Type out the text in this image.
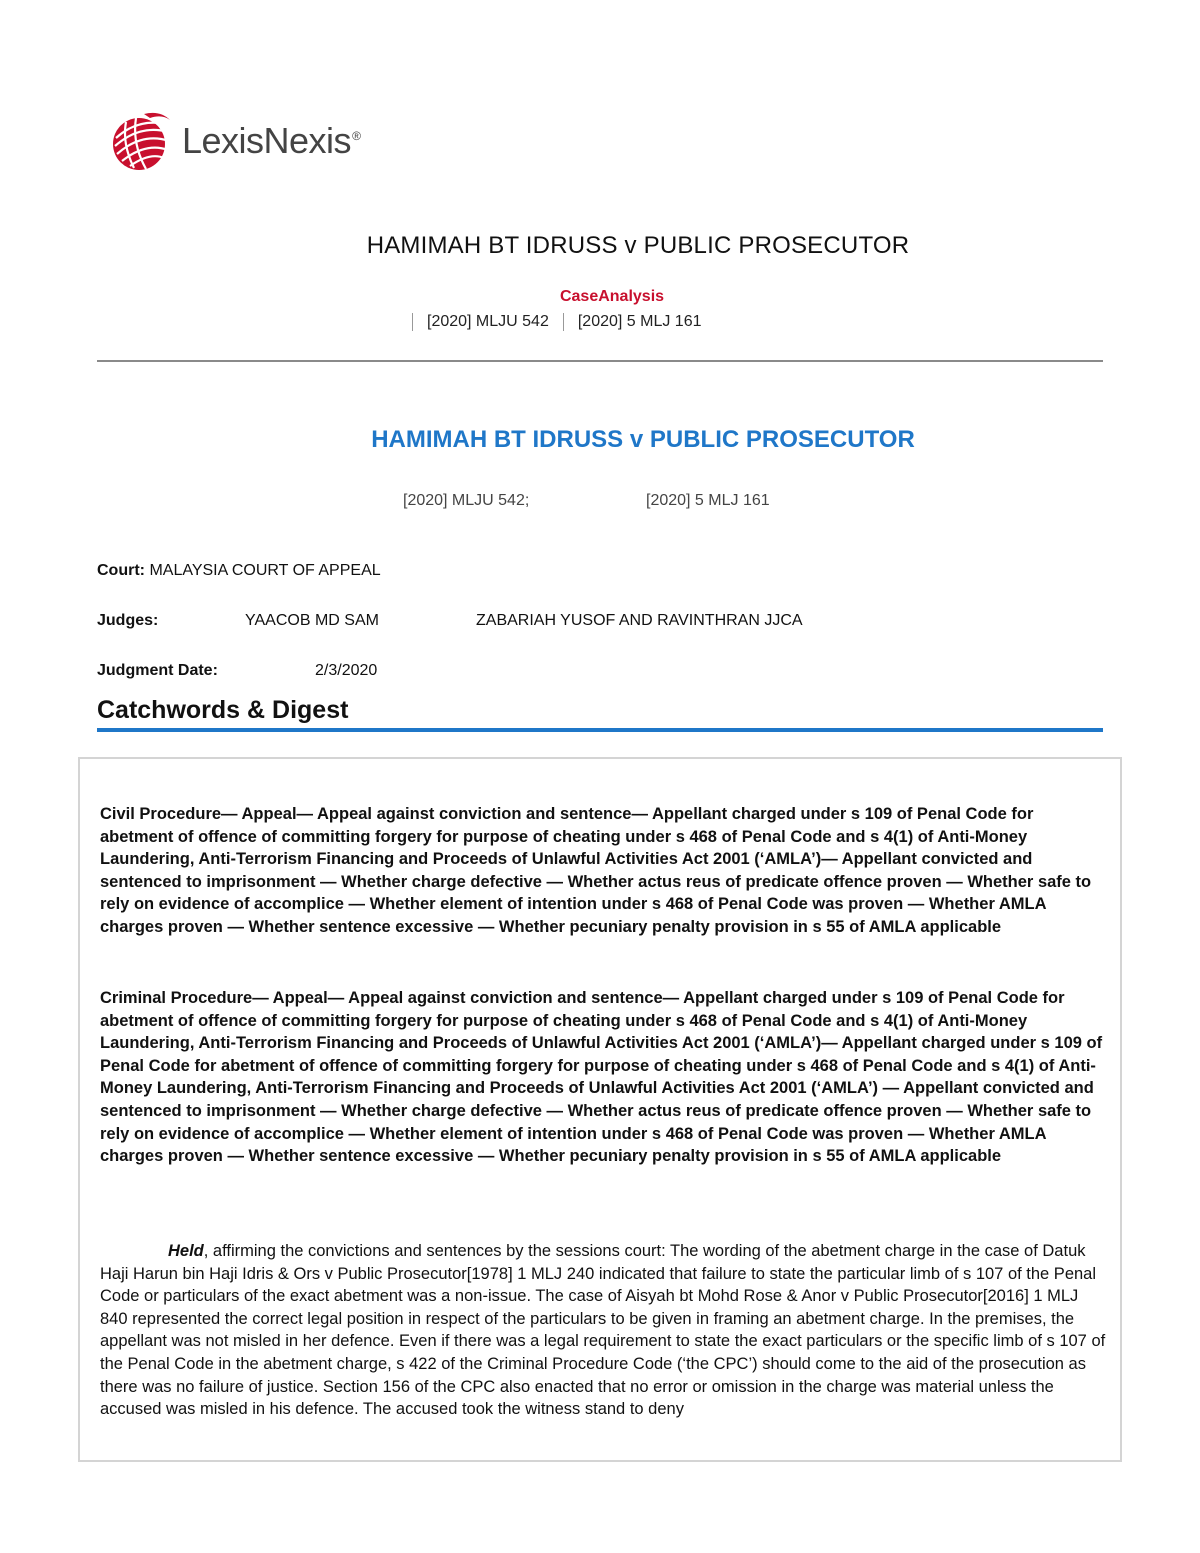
LexisNexis®
HAMIMAH BT IDRUSS v PUBLIC PROSECUTOR
CaseAnalysis
[2020] MLJU 542 [2020] 5 MLJ 161
HAMIMAH BT IDRUSS v PUBLIC PROSECUTOR
[2020] MLJU 542;	[2020] 5 MLJ 161
Court: MALAYSIA COURT OF APPEAL
Judges:	YAACOB MD SAM	ZABARIAH YUSOF AND RAVINTHRAN JJCA
Judgment Date:	2/3/2020
Catchwords & Digest

Civil Procedure— Appeal— Appeal against conviction and sentence— Appellant charged under s 109 of Penal Code for abetment of offence of committing forgery for purpose of cheating under s 468 of Penal Code and s 4(1) of Anti-Money Laundering, Anti-Terrorism Financing and Proceeds of Unlawful Activities Act 2001 (‘AMLA’)— Appellant convicted and sentenced to imprisonment — Whether charge defective — Whether actus reus of predicate offence proven — Whether safe to rely on evidence of accomplice — Whether element of intention under s 468 of Penal Code was proven — Whether AMLA charges proven — Whether sentence excessive — Whether pecuniary penalty provision in s 55 of AMLA applicable

Criminal Procedure— Appeal— Appeal against conviction and sentence— Appellant charged under s 109 of Penal Code for abetment of offence of committing forgery for purpose of cheating under s 468 of Penal Code and s 4(1) of Anti-Money Laundering, Anti-Terrorism Financing and Proceeds of Unlawful Activities Act 2001 (‘AMLA’)— Appellant charged under s 109 of Penal Code for abetment of offence of committing forgery for purpose of cheating under s 468 of Penal Code and s 4(1) of Anti-Money Laundering, Anti-Terrorism Financing and Proceeds of Unlawful Activities Act 2001 (‘AMLA’) — Appellant convicted and sentenced to imprisonment — Whether charge defective — Whether actus reus of predicate offence proven — Whether safe to rely on evidence of accomplice — Whether element of intention under s 468 of Penal Code was proven — Whether AMLA charges proven — Whether sentence excessive — Whether pecuniary penalty provision in s 55 of AMLA applicable

Held, affirming the convictions and sentences by the sessions court: The wording of the abetment charge in the case of Datuk Haji Harun bin Haji Idris & Ors v Public Prosecutor[1978] 1 MLJ 240 indicated that failure to state the particular limb of s 107 of the Penal Code or particulars of the exact abetment was a non-issue. The case of Aisyah bt Mohd Rose & Anor v Public Prosecutor[2016] 1 MLJ 840 represented the correct legal position in respect of the particulars to be given in framing an abetment charge. In the premises, the appellant was not misled in her defence. Even if there was a legal requirement to state the exact particulars or the specific limb of s 107 of the Penal Code in the abetment charge, s 422 of the Criminal Procedure Code (‘the CPC’) should come to the aid of the prosecution as there was no failure of justice. Section 156 of the CPC also enacted that no error or omission in the charge was material unless the accused was misled in his defence. The accused took the witness stand to deny
